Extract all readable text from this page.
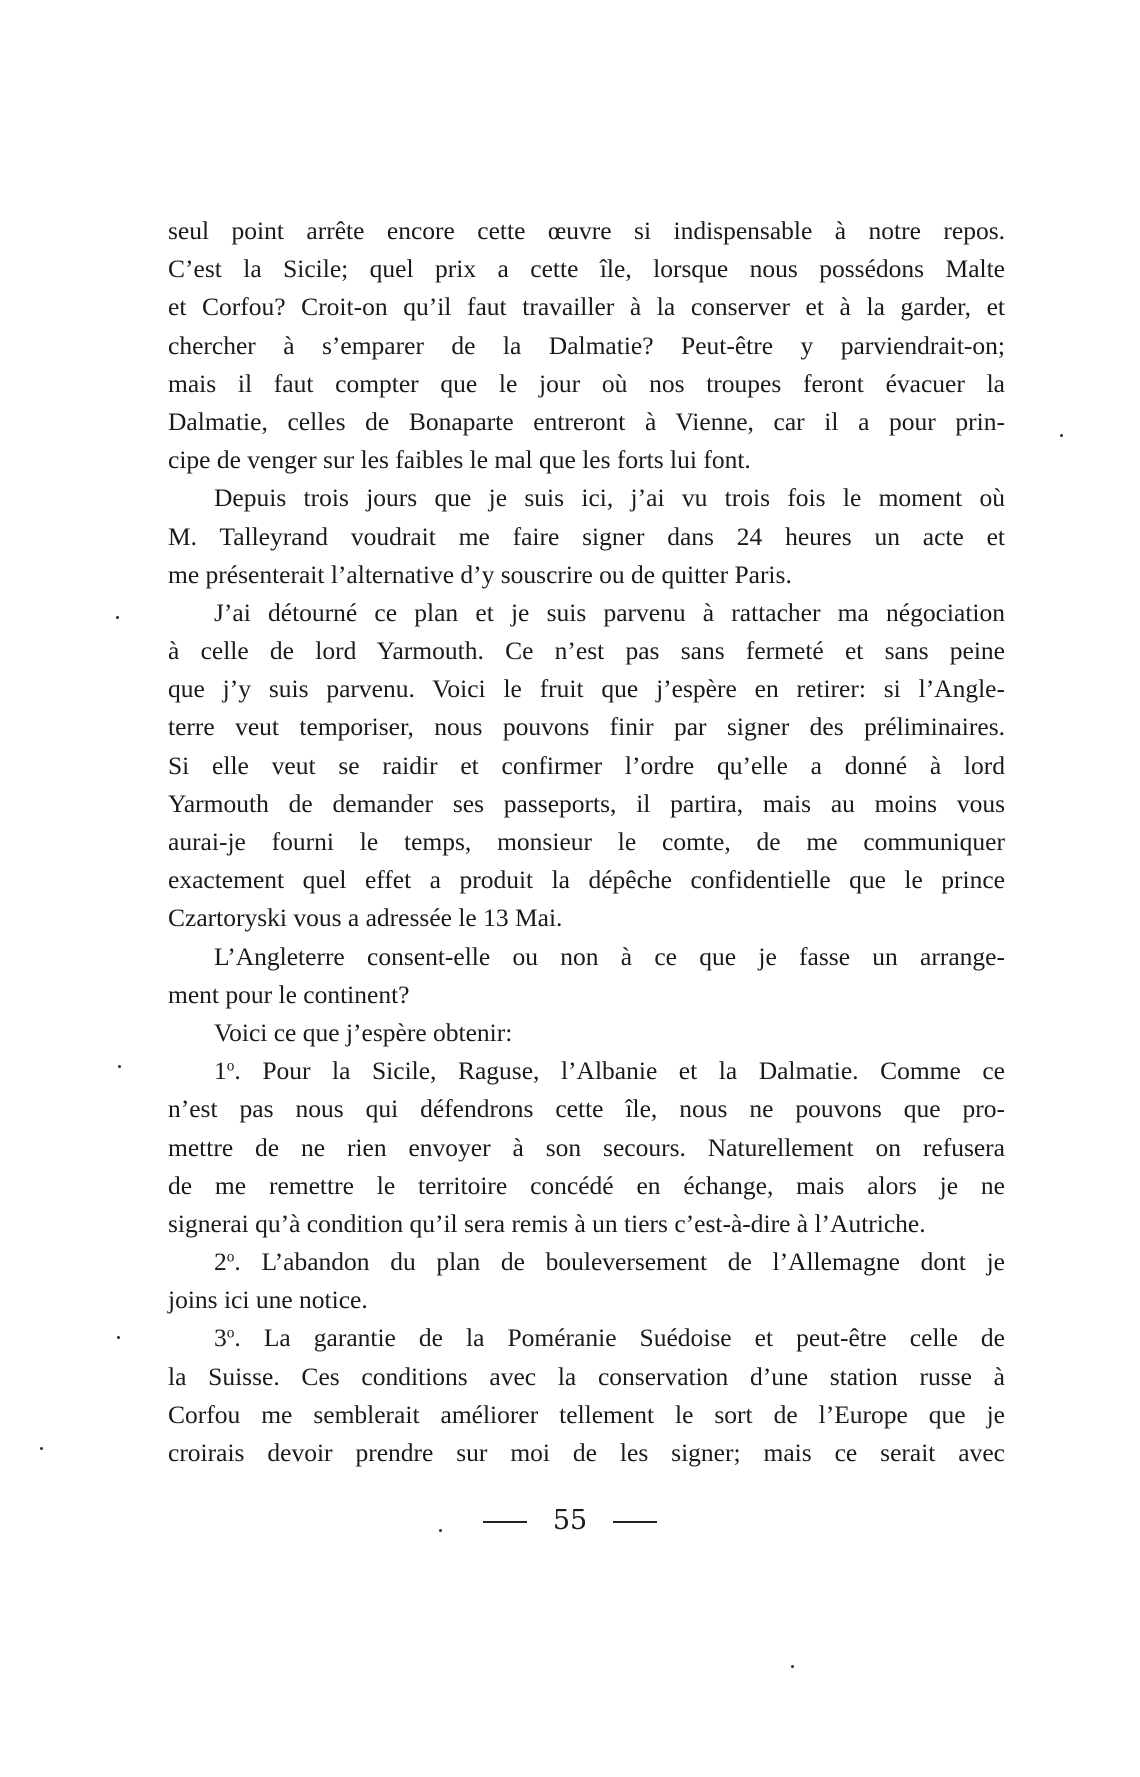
seul point arrête encore cette œuvre si indispensable à notre repos.
C’est la Sicile; quel prix a cette île, lorsque nous possédons Malte
et Corfou? Croit-on qu’il faut travailler à la conserver et à la garder, et
chercher à s’emparer de la Dalmatie? Peut-être y parviendrait-on;
mais il faut compter que le jour où nos troupes feront évacuer la
Dalmatie, celles de Bonaparte entreront à Vienne, car il a pour prin-
cipe de venger sur les faibles le mal que les forts lui font.
Depuis trois jours que je suis ici, j’ai vu trois fois le moment où
M. Talleyrand voudrait me faire signer dans 24 heures un acte et
me présenterait l’alternative d’y souscrire ou de quitter Paris.
J’ai détourné ce plan et je suis parvenu à rattacher ma négociation
à celle de lord Yarmouth. Ce n’est pas sans fermeté et sans peine
que j’y suis parvenu. Voici le fruit que j’espère en retirer: si l’Angle-
terre veut temporiser, nous pouvons finir par signer des préliminaires.
Si elle veut se raidir et confirmer l’ordre qu’elle a donné à lord
Yarmouth de demander ses passeports, il partira, mais au moins vous
aurai-je fourni le temps, monsieur le comte, de me communiquer
exactement quel effet a produit la dépêche confidentielle que le prince
Czartoryski vous a adressée le 13 Mai.
L’Angleterre consent-elle ou non à ce que je fasse un arrange-
ment pour le continent?
Voici ce que j’espère obtenir:
1$^o$. Pour la Sicile, Raguse, l’Albanie et la Dalmatie. Comme ce
n’est pas nous qui défendrons cette île, nous ne pouvons que pro-
mettre de ne rien envoyer à son secours. Naturellement on refusera
de me remettre le territoire concédé en échange, mais alors je ne
signerai qu’à condition qu’il sera remis à un tiers c’est-à-dire à l’Autriche.
2$^o$. L’abandon du plan de bouleversement de l’Allemagne dont je
joins ici une notice.
3$^o$. La garantie de la Poméranie Suédoise et peut-être celle de
la Suisse. Ces conditions avec la conservation d’une station russe à
Corfou me semblerait améliorer tellement le sort de l’Europe que je
croirais devoir prendre sur moi de les signer; mais ce serait avec
55
